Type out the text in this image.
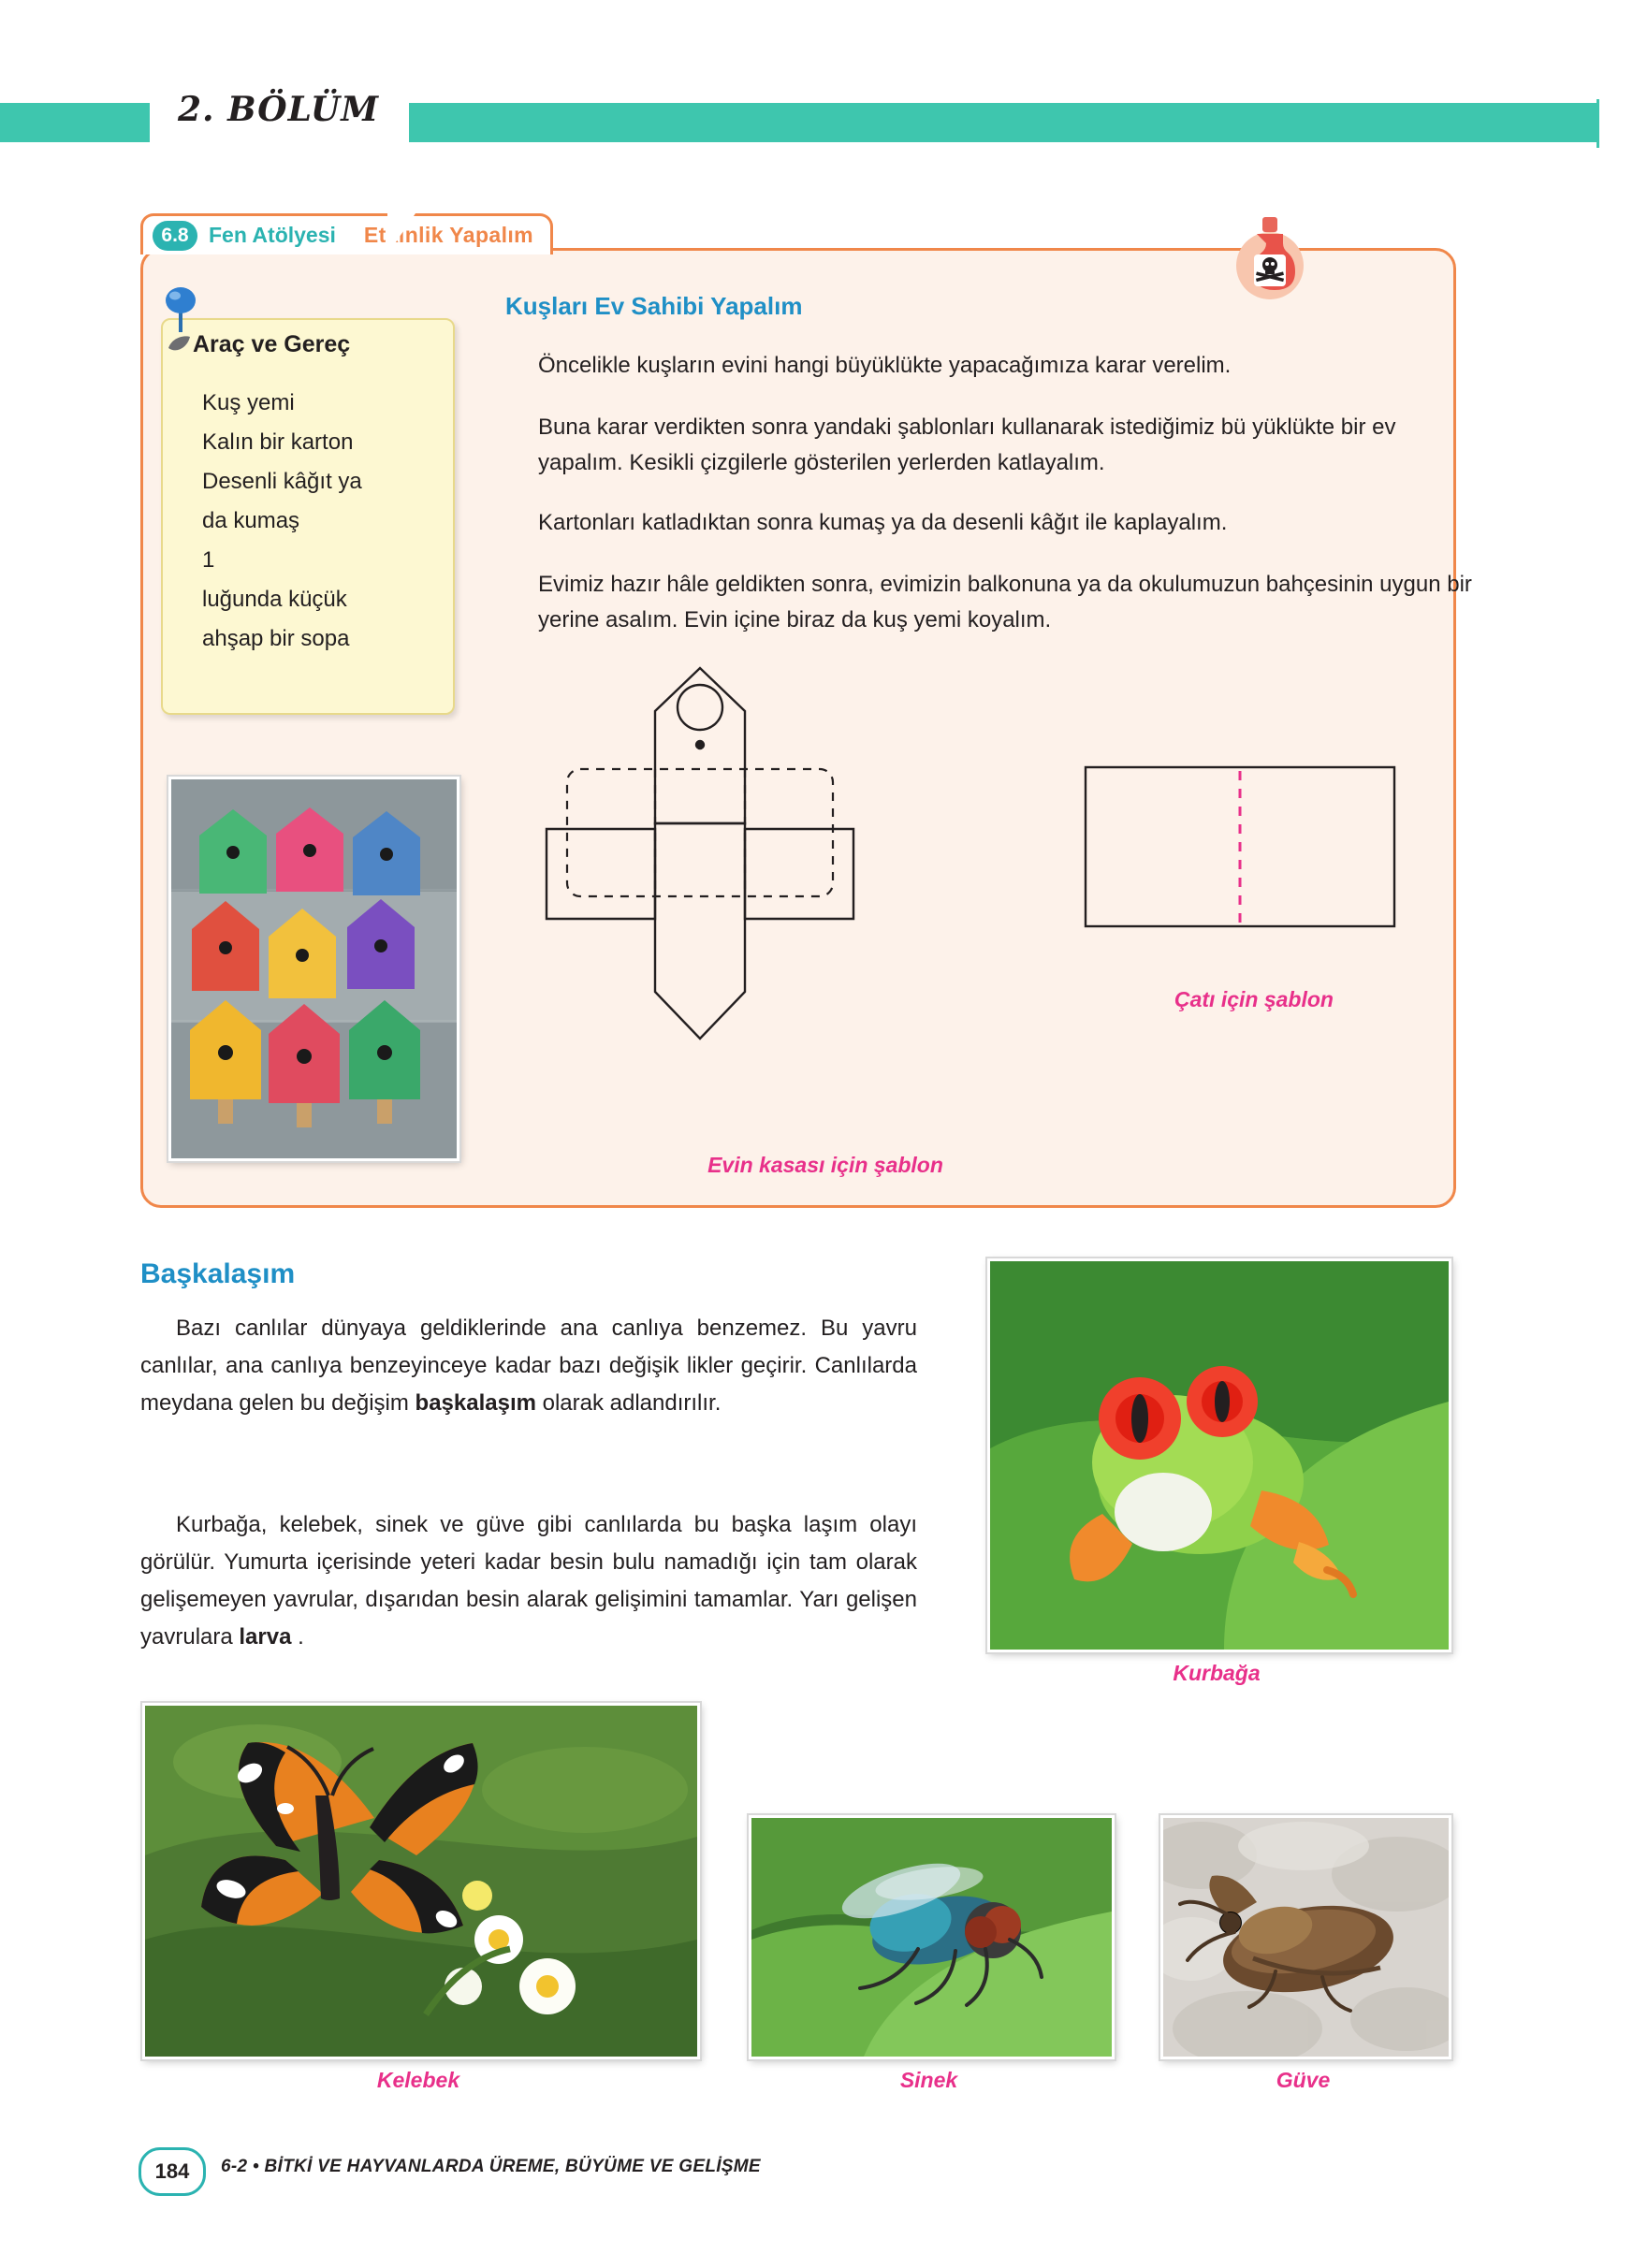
2. BÖLÜM
6.8 Fen Atölyesi Etkinlik Yapalım
Araç ve Gereç
Kuş yemi
Kalın bir karton
Desenli kâğıt ya
da kumaş
1
luğunda küçük
ahşap bir sopa
Kuşları Ev Sahibi Yapalım
Öncelikle kuşların evini hangi büyüklükte yapacağımıza karar verelim.
Buna karar verdikten sonra yandaki şablonları kullanarak istediğimiz bü yüklükte bir ev yapalım. Kesikli çizgilerle gösterilen yerlerden katlayalım.
Kartonları katladıktan sonra kumaş ya da desenli kâğıt ile kaplayalım.
Evimiz hazır hâle geldikten sonra, evimizin balkonuna ya da okulumuzun bahçesinin uygun bir yerine asalım. Evin içine biraz da kuş yemi koyalım.
Evin kasası için şablon
Çatı için şablon
Başkalaşım
Bazı canlılar dünyaya geldiklerinde ana canlıya benzemez. Bu yavru canlılar, ana canlıya benzeyinceye kadar bazı değişik likler geçirir. Canlılarda meydana gelen bu değişim başkalaşım olarak adlandırılır.
Kurbağa, kelebek, sinek ve güve gibi canlılarda bu başka laşım olayı görülür. Yumurta içerisinde yeteri kadar besin bulu namadığı için tam olarak gelişemeyen yavrular, dışarıdan besin alarak gelişimini tamamlar. Yarı gelişen yavrulara larva .
Kurbağa
Kelebek	Sinek	Güve
184	6-2 • BİTKİ VE HAYVANLARDA ÜREME, BÜYÜME VE GELİŞME
